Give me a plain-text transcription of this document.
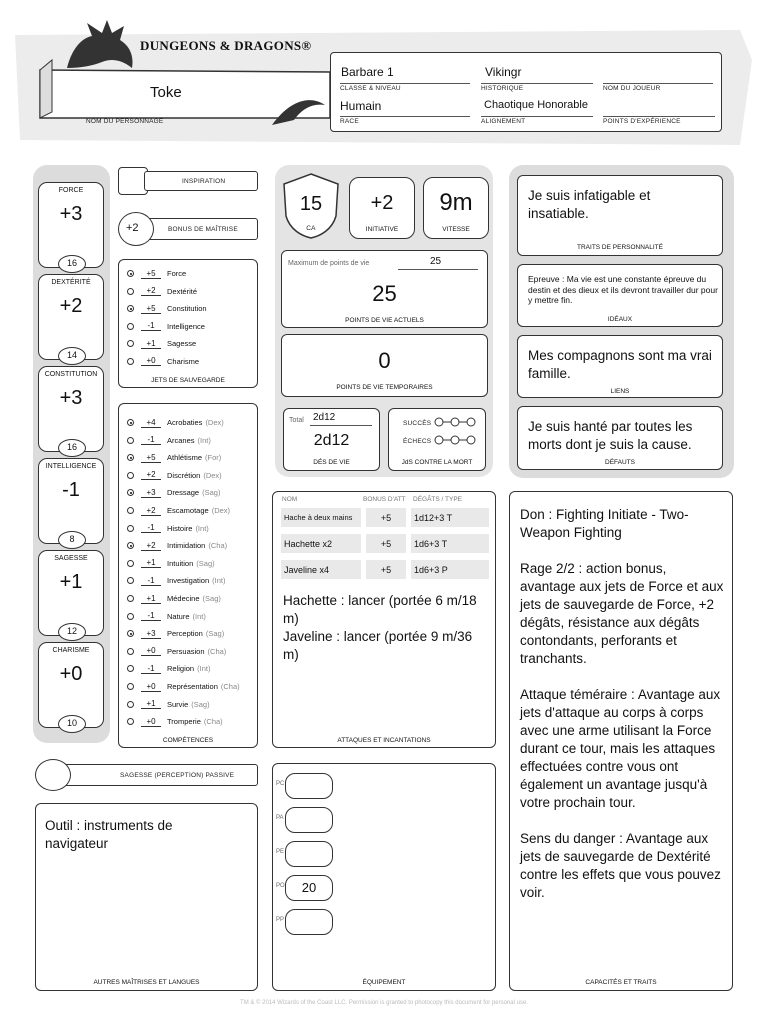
DUNGEONS & DRAGONS®
Toke
NOM DU PERSONNAGE
Barbare 1
CLASSE & NIVEAU
Vikingr
HISTORIQUE	NOM DU JOUEUR
Humain
RACE
Chaotique Honorable
ALIGNEMENT	POINTS D'EXPÉRIENCE
FORCE
+3
16
DEXTÉRITÉ
+2
14
CONSTITUTION
+3
16
INTELLIGENCE
-1
8
SAGESSE
+1
12
CHARISME
+0
10
INSPIRATION
+2	BONUS DE MAÎTRISE
+5	Force
+2	Dextérité
+5	Constitution
-1	Intelligence
+1	Sagesse
+0	Charisme
JETS DE SAUVEGARDE
+4	Acrobaties (Dex)
-1	Arcanes (Int)
+5	Athlétisme (For)
+2	Discrétion (Dex)
+3	Dressage (Sag)
+2	Escamotage (Dex)
-1	Histoire (Int)
+2	Intimidation (Cha)
+1	Intuition (Sag)
-1	Investigation (Int)
+1	Médecine (Sag)
-1	Nature (Int)
+3	Perception (Sag)
+0	Persuasion (Cha)
-1	Religion (Int)
+0	Représentation (Cha)
+1	Survie (Sag)
+0	Tromperie (Cha)
COMPÉTENCES
SAGESSE (PERCEPTION) PASSIVE
Outil : instruments de navigateur
AUTRES MAÎTRISES ET LANGUES
15
CA
+2
INITIATIVE
9m
VITESSE
Maximum de points de vie	25
25
POINTS DE VIE ACTUELS
0
POINTS DE VIE TEMPORAIRES
Total 2d12
2d12
DÉS DE VIE
SUCCÈS
ÉCHECS
JdS CONTRE LA MORT
NOM	BONUS D'ATT DÉGÂTS / TYPE
Hache à deux mains	+5	1d12+3 T
Hachette x2	+5	1d6+3 T
Javeline x4	+5	1d6+3 P
Hachette : lancer (portée 6 m/18 m)
Javeline : lancer (portée 9 m/36 m)
ATTAQUES ET INCANTATIONS
ÉQUIPEMENT
PC
PA
PE
PO	20
PP
Je suis infatigable et insatiable.
TRAITS DE PERSONNALITÉ
Epreuve : Ma vie est une constante épreuve du destin et des dieux et ils devront travailler dur pour y mettre fin.
IDÉAUX
Mes compagnons sont ma vrai famille.
LIENS
Je suis hanté par toutes les morts dont je suis la cause.
DÉFAUTS
Don : Fighting Initiate - Two-Weapon Fighting

Rage 2/2 : action bonus, avantage aux jets de Force et aux jets de sauvegarde de Force, +2 dégâts, résistance aux dégâts contondants, perforants et tranchants.

Attaque téméraire : Avantage aux jets d'attaque au corps à corps avec une arme utilisant la Force durant ce tour, mais les attaques effectuées contre vous ont également un avantage jusqu'à votre prochain tour.

Sens du danger : Avantage aux jets de sauvegarde de Dextérité contre les effets que vous pouvez voir.
CAPACITÉS ET TRAITS
TM & © 2014 Wizards of the Coast LLC. Permission is granted to photocopy this document for personal use.
